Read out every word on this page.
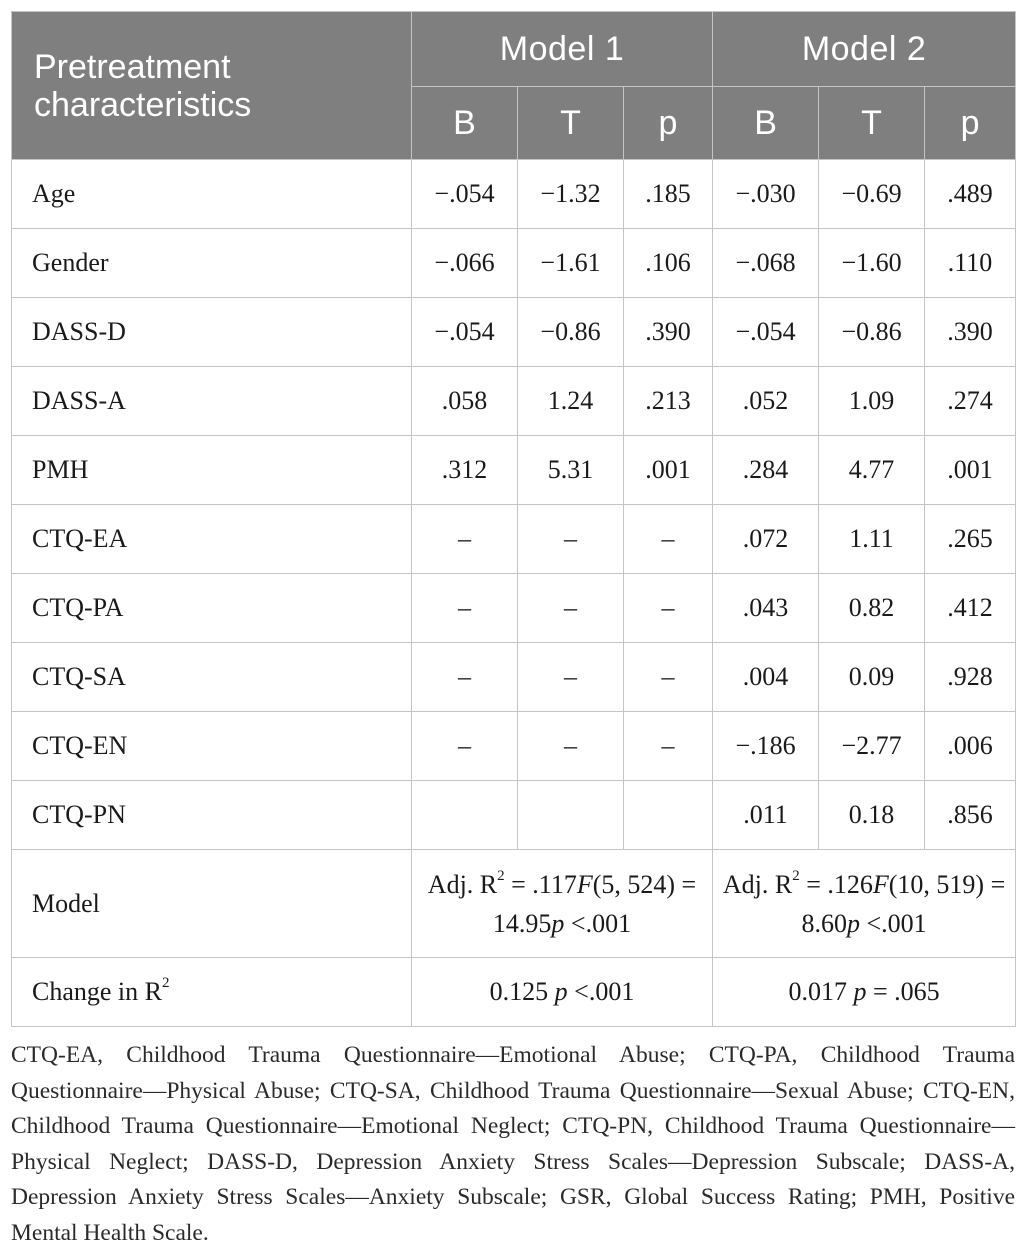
Pretreatment characteristics	Model 1			Model 2		
	B	T	p	B	T	p
Age	−.054	−1.32	.185	−.030	−0.69	.489
Gender	−.066	−1.61	.106	−.068	−1.60	.110
DASS-D	−.054	−0.86	.390	−.054	−0.86	.390
DASS-A	.058	1.24	.213	.052	1.09	.274
PMH	.312	5.31	.001	.284	4.77	.001
CTQ-EA	–	–	–	.072	1.11	.265
CTQ-PA	–	–	–	.043	0.82	.412
CTQ-SA	–	–	–	.004	0.09	.928
CTQ-EN	–	–	–	−.186	−2.77	.006
CTQ-PN				.011	0.18	.856
Model	Adj. $R^2 = .117F(5$, 524) = 14.95p <.001			Adj. $R^2 = .126F(10$, 519) = 8.60p <.001		
Change in $R^2$	0.125 p <.001			0.017 p = .065		

CTQ-EA, Childhood Trauma Questionnaire—Emotional Abuse; CTQ-PA, Childhood Trauma Questionnaire—Physical Abuse; CTQ-SA, Childhood Trauma Questionnaire—Sexual Abuse; CTQ-EN, Childhood Trauma Questionnaire—Emotional Neglect; CTQ-PN, Childhood Trauma Questionnaire—Physical Neglect; DASS-D, Depression Anxiety Stress Scales—Depression Subscale; DASS-A, Depression Anxiety Stress Scales—Anxiety Subscale; GSR, Global Success Rating; PMH, Positive Mental Health Scale.
